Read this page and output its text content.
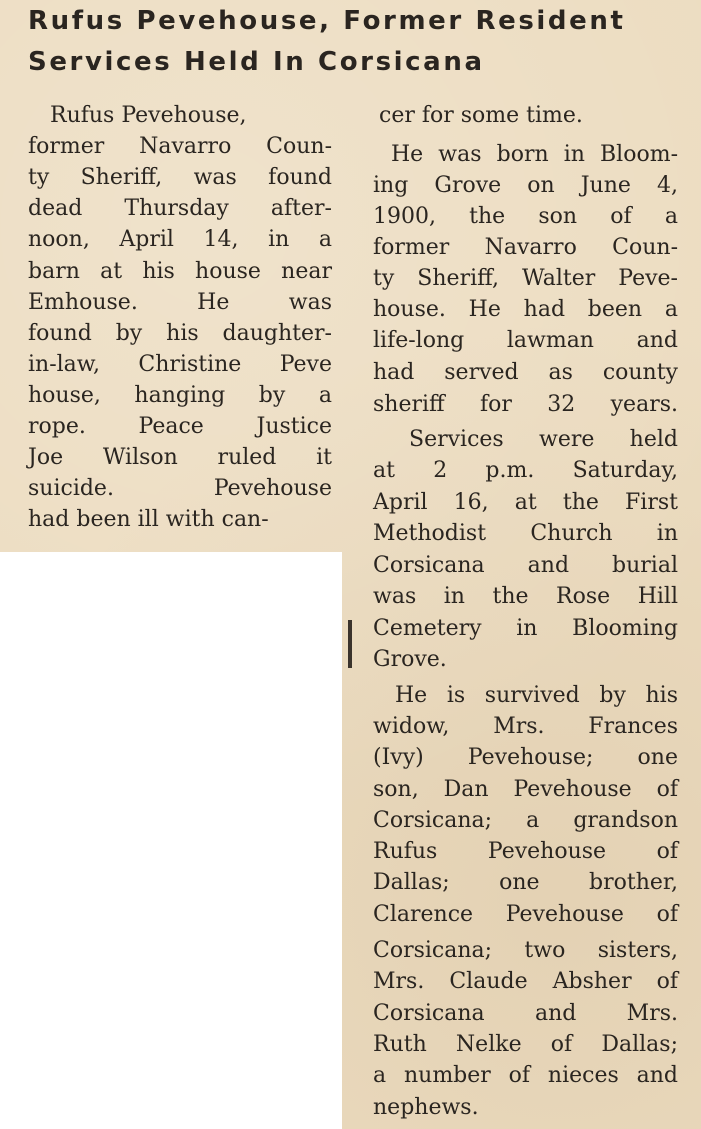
Rufus Pevehouse, Former Resident
Services Held In Corsicana
Rufus Pevehouse,
former Navarro Coun-
ty Sheriff, was found
dead Thursday after-
noon, April 14, in a
barn at his house near
Emhouse. He was
found by his daughter-
in-law, Christine Peve
house, hanging by a
rope. Peace Justice
Joe Wilson ruled it
suicide. Pevehouse
had been ill with can-
cer for some time.
He was born in Bloom-
ing Grove on June 4,
1900, the son of a
former Navarro Coun-
ty Sheriff, Walter Peve-
house. He had been a
life-long lawman and
had served as county
sheriff for 32 years.
Services were held
at 2 p.m. Saturday,
April 16, at the First
Methodist Church in
Corsicana and burial
was in the Rose Hill
Cemetery in Blooming
Grove.
He is survived by his
widow, Mrs. Frances
(Ivy) Pevehouse; one
son, Dan Pevehouse of
Corsicana; a grandson
Rufus Pevehouse of
Dallas; one brother,
Clarence Pevehouse of
Corsicana; two sisters,
Mrs. Claude Absher of
Corsicana and Mrs.
Ruth Nelke of Dallas;
a number of nieces and
nephews.
